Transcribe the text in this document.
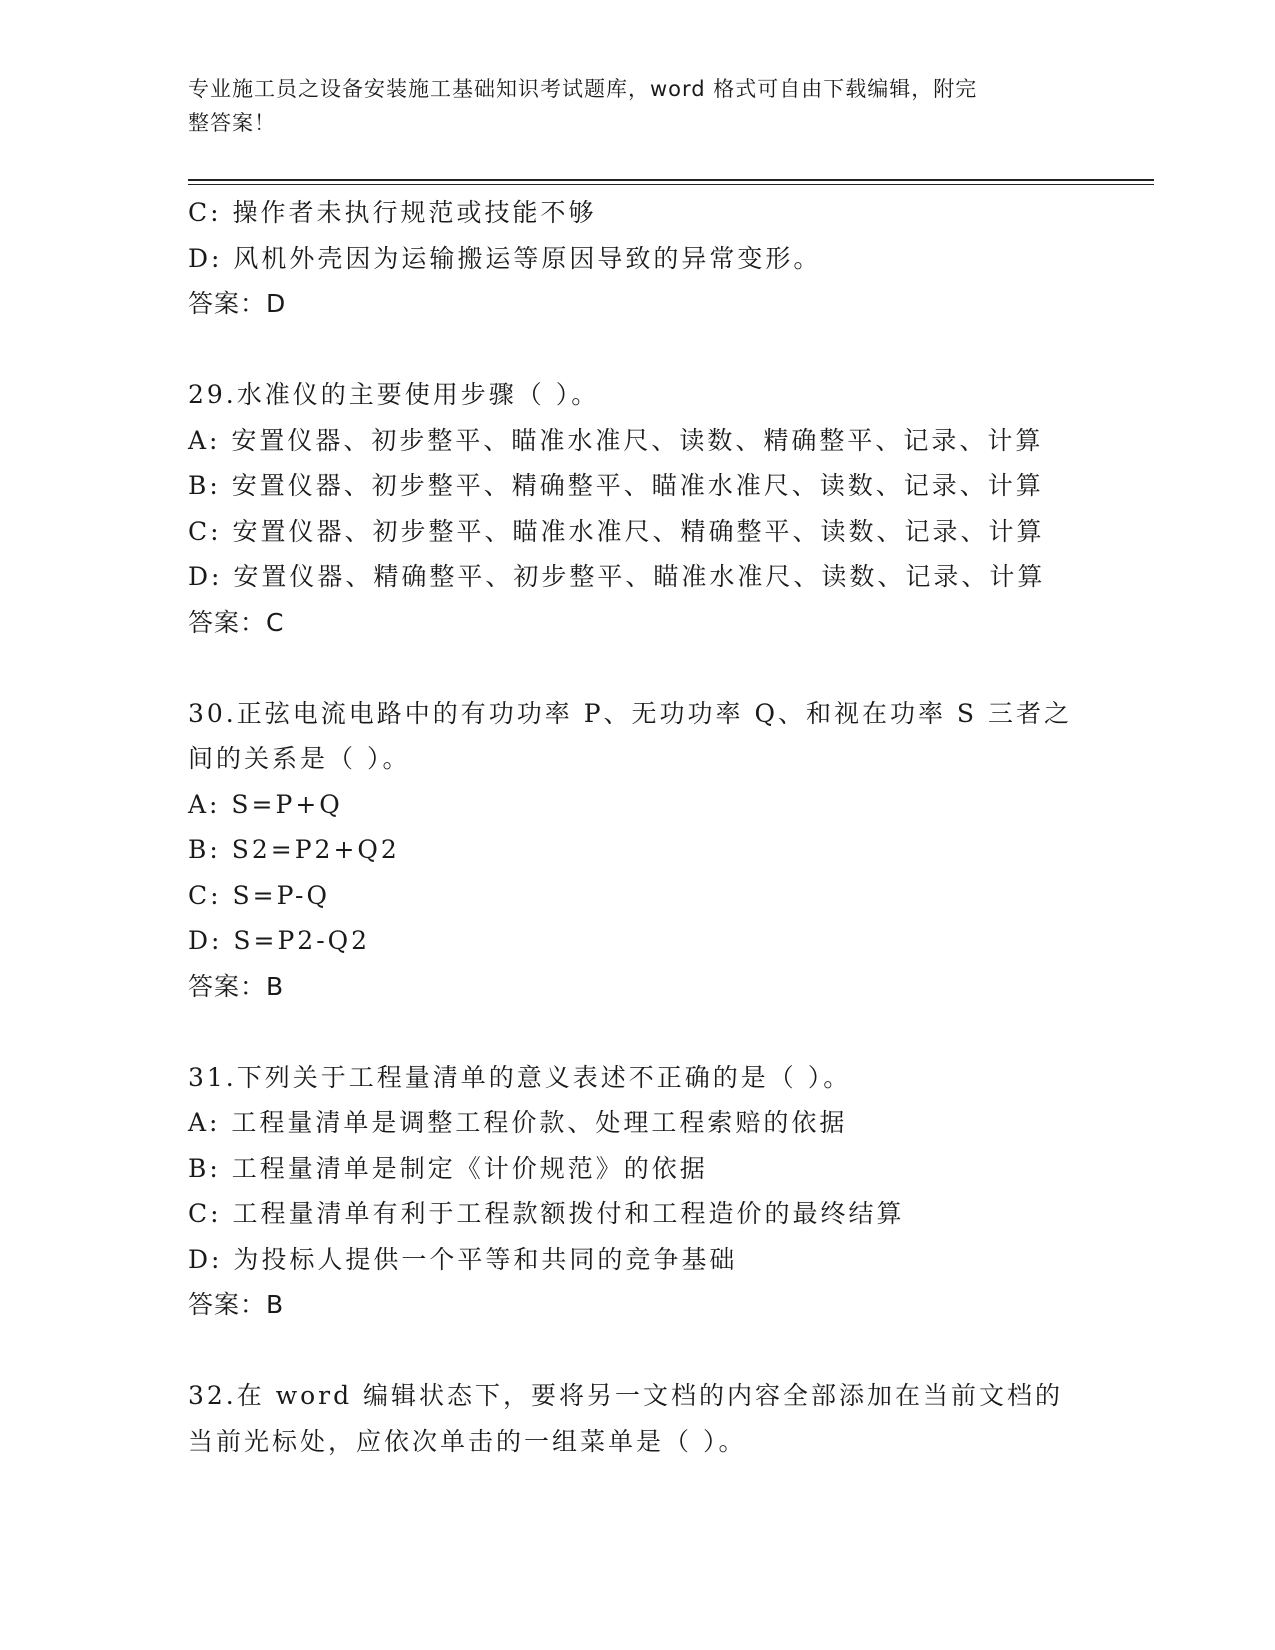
专业施工员之设备安装施工基础知识考试题库，word 格式可自由下载编辑，附完
整答案！
C: 操作者未执行规范或技能不够
D: 风机外壳因为运输搬运等原因导致的异常变形。
答案：D
29.水准仪的主要使用步骤（ ）。
A: 安置仪器、初步整平、瞄准水准尺、读数、精确整平、记录、计算
B: 安置仪器、初步整平、精确整平、瞄准水准尺、读数、记录、计算
C: 安置仪器、初步整平、瞄准水准尺、精确整平、读数、记录、计算
D: 安置仪器、精确整平、初步整平、瞄准水准尺、读数、记录、计算
答案：C
30.正弦电流电路中的有功功率 P、无功功率 Q、和视在功率 S 三者之
间的关系是（ ）。
A: S=P+Q
B: S2=P2+Q2
C: S=P-Q
D: S=P2-Q2
答案：B
31.下列关于工程量清单的意义表述不正确的是（ ）。
A: 工程量清单是调整工程价款、处理工程索赔的依据
B: 工程量清单是制定《计价规范》的依据
C: 工程量清单有利于工程款额拨付和工程造价的最终结算
D: 为投标人提供一个平等和共同的竞争基础
答案：B
32.在 word 编辑状态下，要将另一文档的内容全部添加在当前文档的
当前光标处，应依次单击的一组菜单是（ ）。
